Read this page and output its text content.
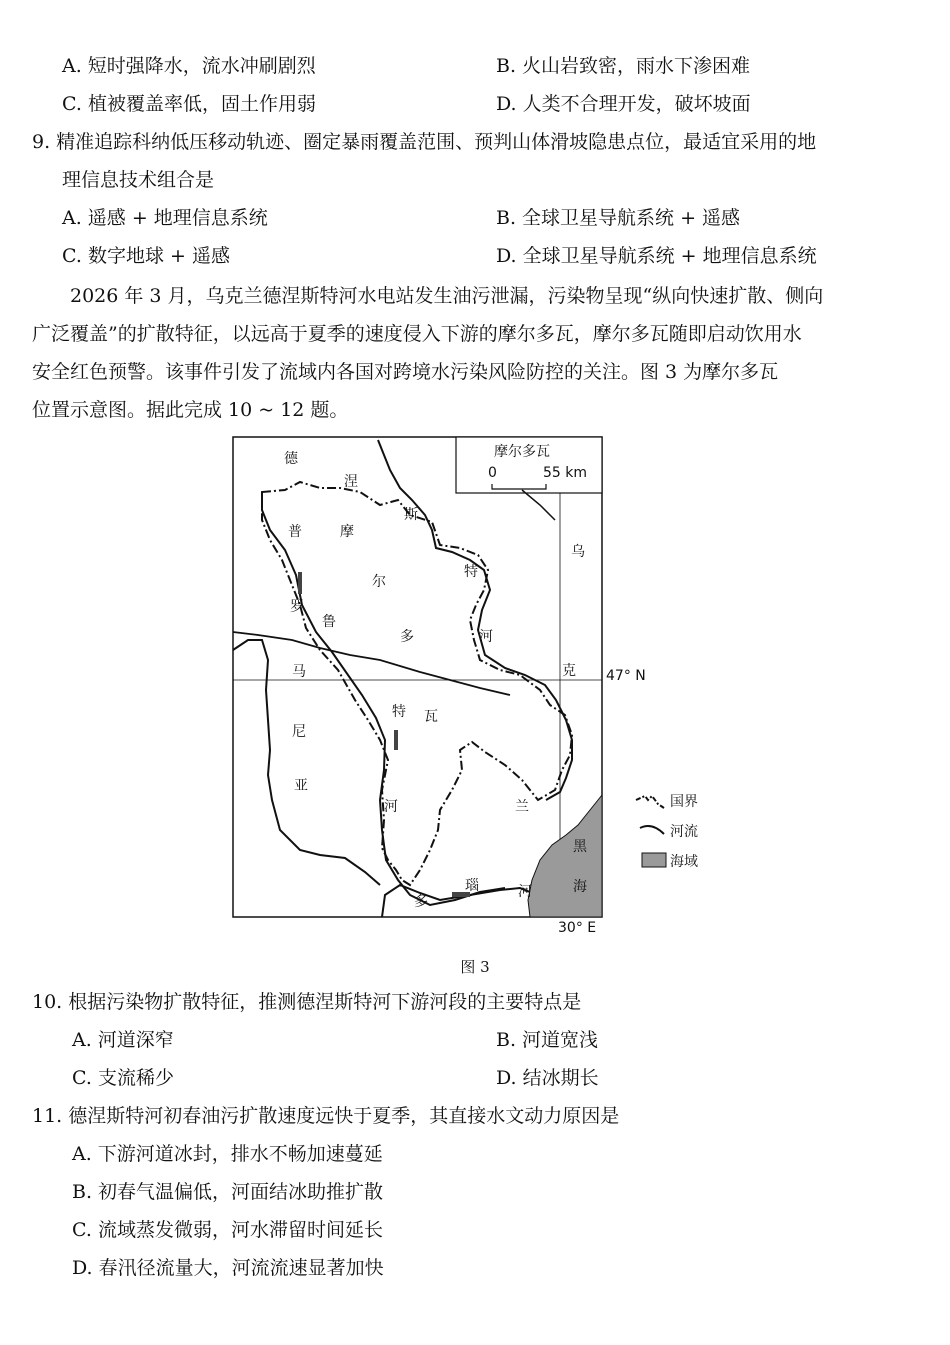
A. 短时强降水，流水冲刷剧烈	B. 火山岩致密，雨水下渗困难
C. 植被覆盖率低，固土作用弱	D. 人类不合理开发，破坏坡面
9. 精准追踪科纳低压移动轨迹、圈定暴雨覆盖范围、预判山体滑坡隐患点位，最适宜采用的地
理信息技术组合是
A. 遥感 + 地理信息系统	B. 全球卫星导航系统 + 遥感
C. 数字地球 + 遥感	D. 全球卫星导航系统 + 地理信息系统
2026 年 3 月，乌克兰德涅斯特河水电站发生油污泄漏，污染物呈现“纵向快速扩散、侧向
广泛覆盖”的扩散特征，以远高于夏季的速度侵入下游的摩尔多瓦，摩尔多瓦随即启动饮用水
安全红色预警。该事件引发了流域内各国对跨境水污染风险防控的关注。图 3 为摩尔多瓦
位置示意图。据此完成 10 ~ 12 题。
摩尔多瓦
0	55 km
德
涅
斯
特
河
普	摩
尔
罗
鲁
多
瓦
特
河
马
尼
亚
乌
克
兰
多
瑙	河
黑
海
47° N
30° E
国界
河流
海域
图 3
10. 根据污染物扩散特征，推测德涅斯特河下游河段的主要特点是
A. 河道深窄	B. 河道宽浅
C. 支流稀少	D. 结冰期长
11. 德涅斯特河初春油污扩散速度远快于夏季，其直接水文动力原因是
A. 下游河道冰封，排水不畅加速蔓延
B. 初春气温偏低，河面结冰助推扩散
C. 流域蒸发微弱，河水滞留时间延长
D. 春汛径流量大，河流流速显著加快
